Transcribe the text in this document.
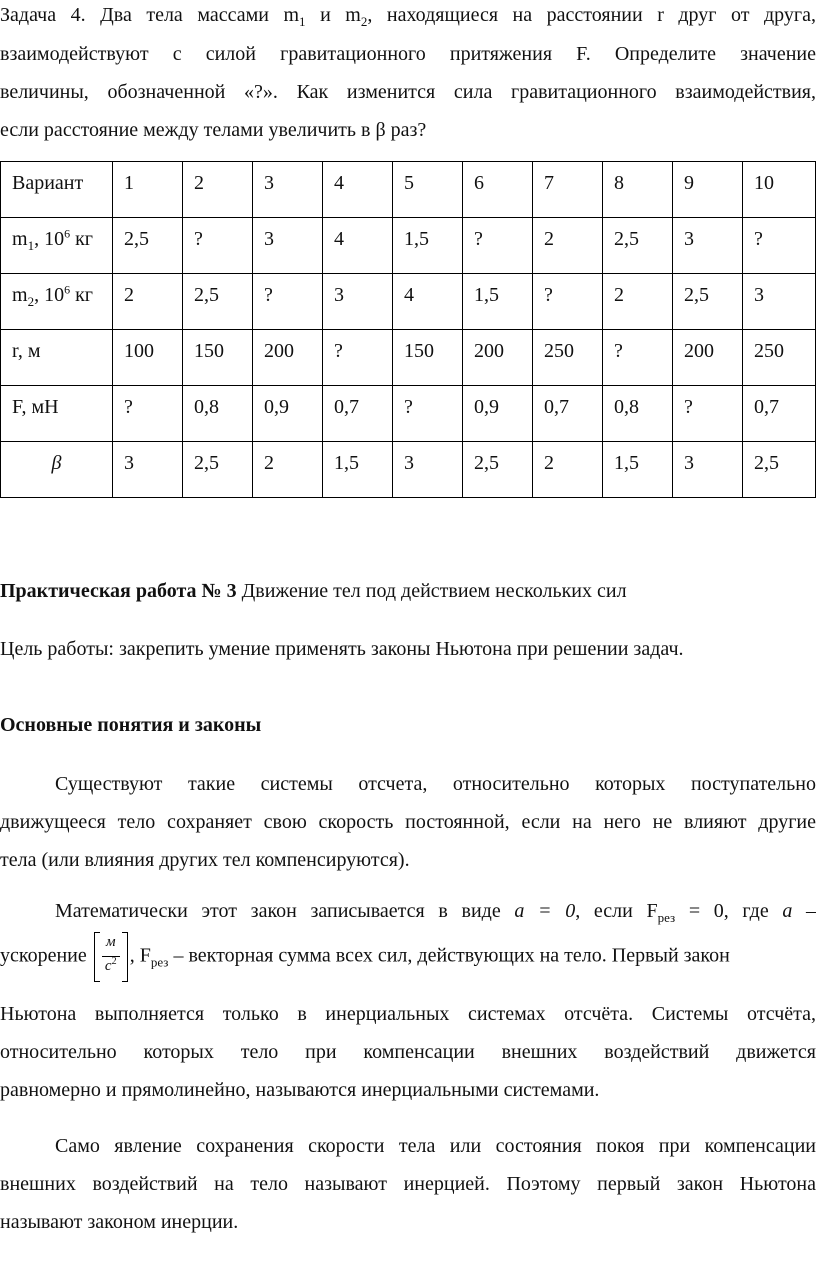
Задача 4. Два тела массами $m_1$ и $m_2$, находящиеся на расстоянии r друг от друга,
взаимодействуют с силой гравитационного притяжения F. Определите значение
величины, обозначенной «?». Как изменится сила гравитационного взаимодействия,
если расстояние между телами увеличить в β раз?
Вариант	1	2	3	4	5	6	7	8	9	10
$m_1$, $10^6$ кг	2,5	?	3	4	1,5	?	2	2,5	3	?
$m_2$, $10^6$ кг	2	2,5	?	3	4	1,5	?	2	2,5	3
r, м	100	150	200	?	150	200	250	?	200	250
F, мН	?	0,8	0,9	0,7	?	0,9	0,7	0,8	?	0,7
β	3	2,5	2	1,5	3	2,5	2	1,5	3	2,5
Практическая работа № 3 Движение тел под действием нескольких сил
Цель работы: закрепить умение применять законы Ньютона при решении задач.
Основные понятия и законы
Существуют такие системы отсчета, относительно которых поступательно
движущееся тело сохраняет свою скорость постоянной, если на него не влияют другие
тела (или влияния других тел компенсируются).
Математически этот закон записывается в виде a = 0, если $F_{рез} = 0$, где a –
ускорение $\frac{м}{с^2}$ , $F_{рез}$ – векторная сумма всех сил, действующих на тело. Первый закон
Ньютона выполняется только в инерциальных системах отсчёта. Системы отсчёта,
относительно которых тело при компенсации внешних воздействий движется
равномерно и прямолинейно, называются инерциальными системами.
Само явление сохранения скорости тела или состояния покоя при компенсации
внешних воздействий на тело называют инерцией. Поэтому первый закон Ньютона
называют законом инерции.
